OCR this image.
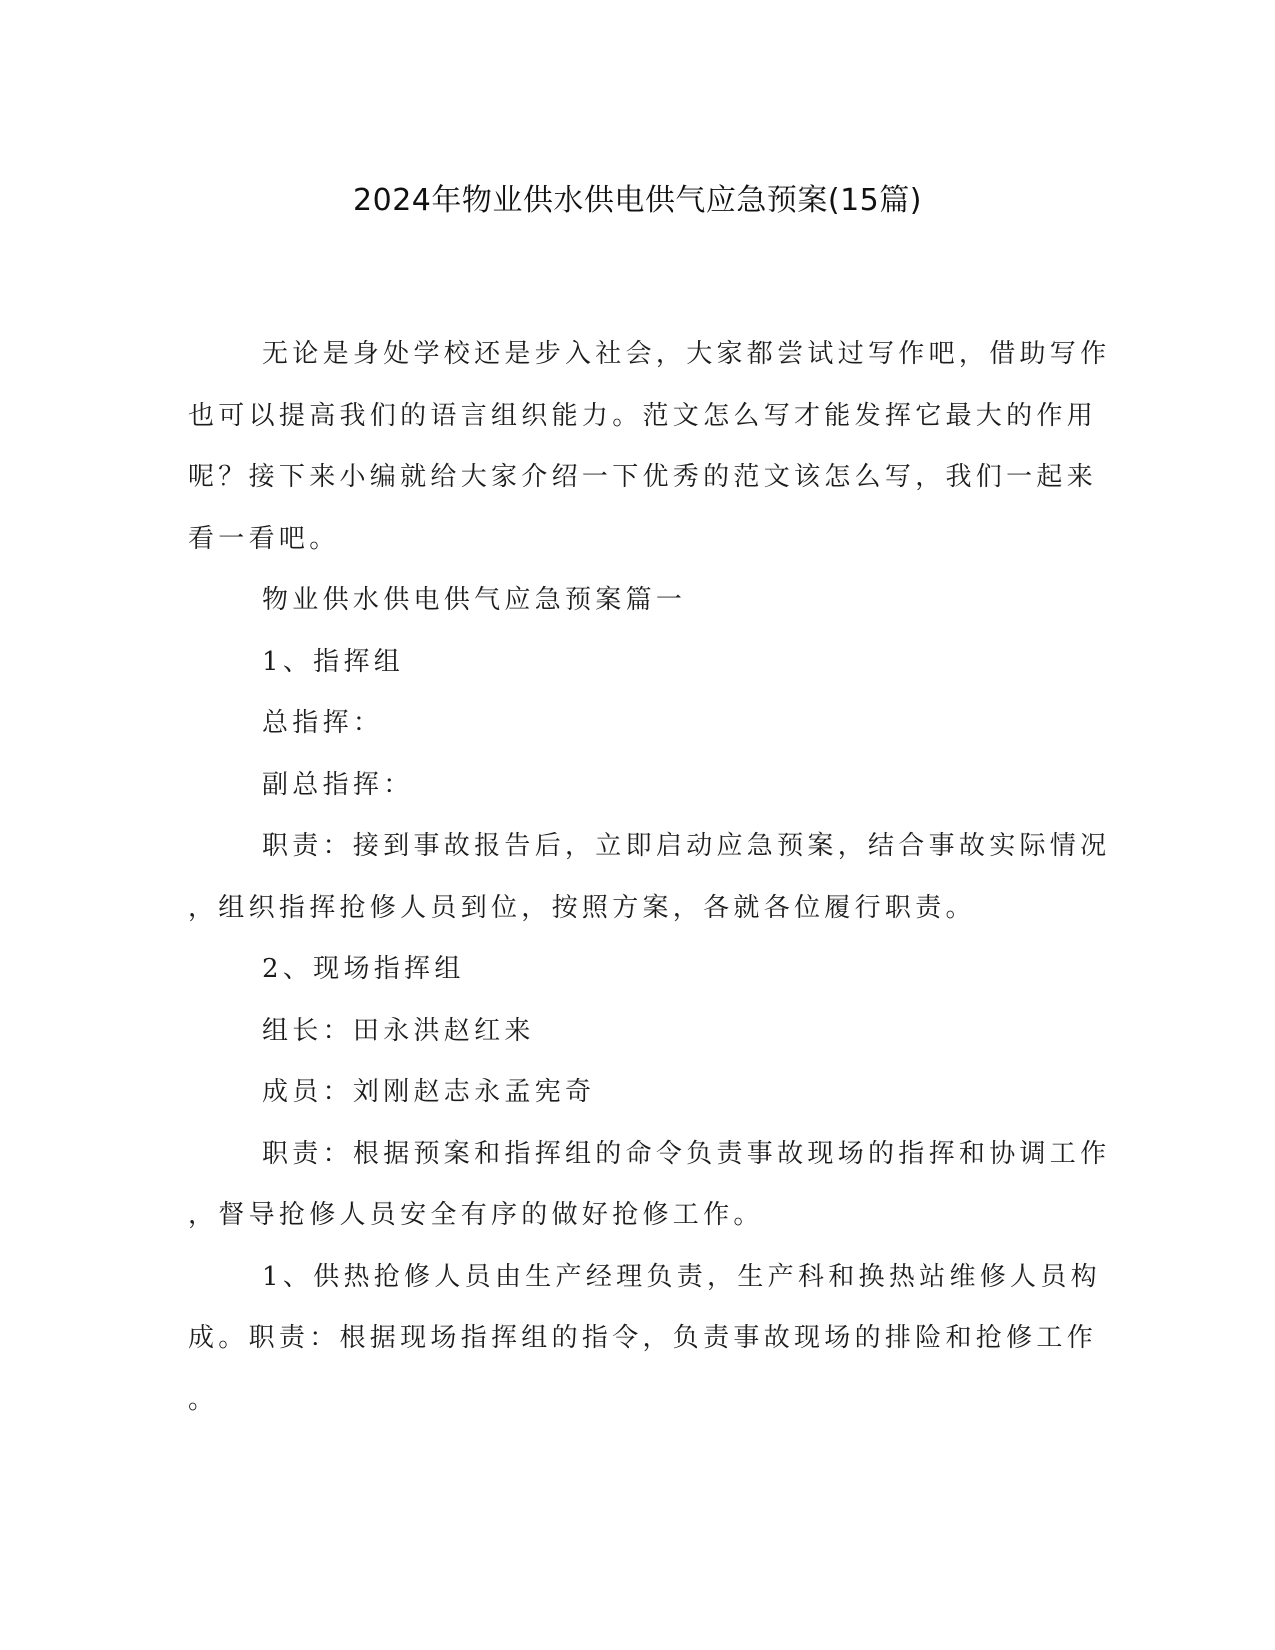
2024年物业供水供电供气应急预案(15篇)
无论是身处学校还是步入社会，大家都尝试过写作吧，借助写作
也可以提高我们的语言组织能力。范文怎么写才能发挥它最大的作用
呢？接下来小编就给大家介绍一下优秀的范文该怎么写，我们一起来
看一看吧。
物业供水供电供气应急预案篇一
1、指挥组
总指挥：
副总指挥：
职责：接到事故报告后，立即启动应急预案，结合事故实际情况
，组织指挥抢修人员到位，按照方案，各就各位履行职责。
2、现场指挥组
组长：田永洪赵红来
成员：刘刚赵志永孟宪奇
职责：根据预案和指挥组的命令负责事故现场的指挥和协调工作
，督导抢修人员安全有序的做好抢修工作。
1、供热抢修人员由生产经理负责，生产科和换热站维修人员构
成。职责：根据现场指挥组的指令，负责事故现场的排险和抢修工作
。
